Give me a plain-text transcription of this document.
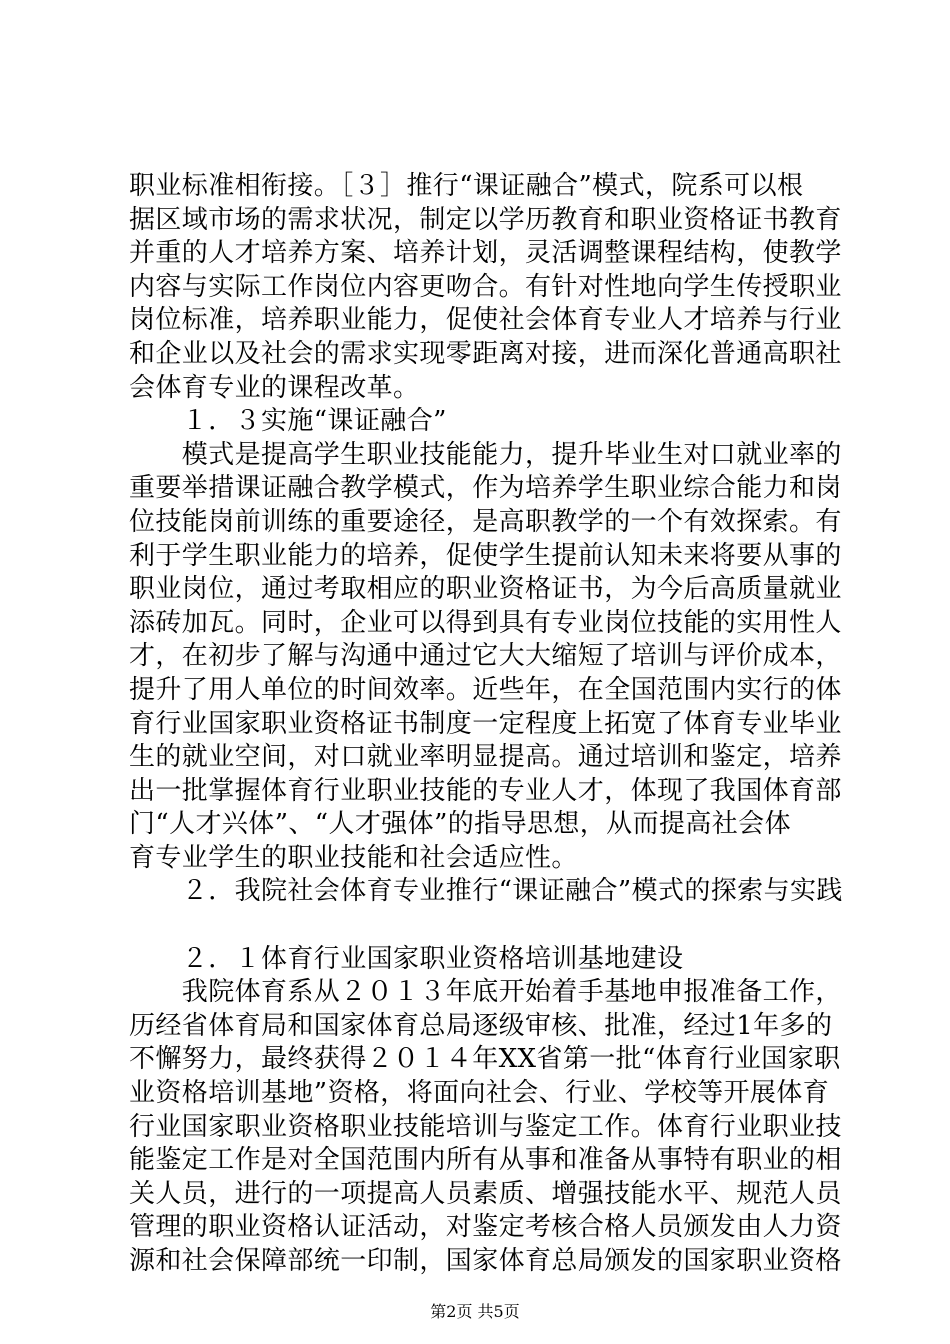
职业标准相衔接。［３］推行“课证融合”模式，院系可以根
据区域市场的需求状况，制定以学历教育和职业资格证书教育
并重的人才培养方案、培养计划，灵活调整课程结构，使教学
内容与实际工作岗位内容更吻合。有针对性地向学生传授职业
岗位标准，培养职业能力，促使社会体育专业人才培养与行业
和企业以及社会的需求实现零距离对接，进而深化普通高职社
会体育专业的课程改革。
　　１．３实施“课证融合”
　　模式是提高学生职业技能能力，提升毕业生对口就业率的
重要举措课证融合教学模式，作为培养学生职业综合能力和岗
位技能岗前训练的重要途径，是高职教学的一个有效探索。有
利于学生职业能力的培养，促使学生提前认知未来将要从事的
职业岗位，通过考取相应的职业资格证书，为今后高质量就业
添砖加瓦。同时，企业可以得到具有专业岗位技能的实用性人
才，在初步了解与沟通中通过它大大缩短了培训与评价成本，
提升了用人单位的时间效率。近些年，在全国范围内实行的体
育行业国家职业资格证书制度一定程度上拓宽了体育专业毕业
生的就业空间，对口就业率明显提高。通过培训和鉴定，培养
出一批掌握体育行业职业技能的专业人才，体现了我国体育部
门“人才兴体”、“人才强体”的指导思想，从而提高社会体
育专业学生的职业技能和社会适应性。
　　２．我院社会体育专业推行“课证融合”模式的探索与实践
　　２．１体育行业国家职业资格培训基地建设
　　我院体育系从２０１３年底开始着手基地申报准备工作，
历经省体育局和国家体育总局逐级审核、批准，经过1年多的
不懈努力，最终获得２０１４年XX省第一批“体育行业国家职
业资格培训基地”资格，将面向社会、行业、学校等开展体育
行业国家职业资格职业技能培训与鉴定工作。体育行业职业技
能鉴定工作是对全国范围内所有从事和准备从事特有职业的相
关人员，进行的一项提高人员素质、增强技能水平、规范人员
管理的职业资格认证活动，对鉴定考核合格人员颁发由人力资
源和社会保障部统一印制，国家体育总局颁发的国家职业资格
第2页 共5页
